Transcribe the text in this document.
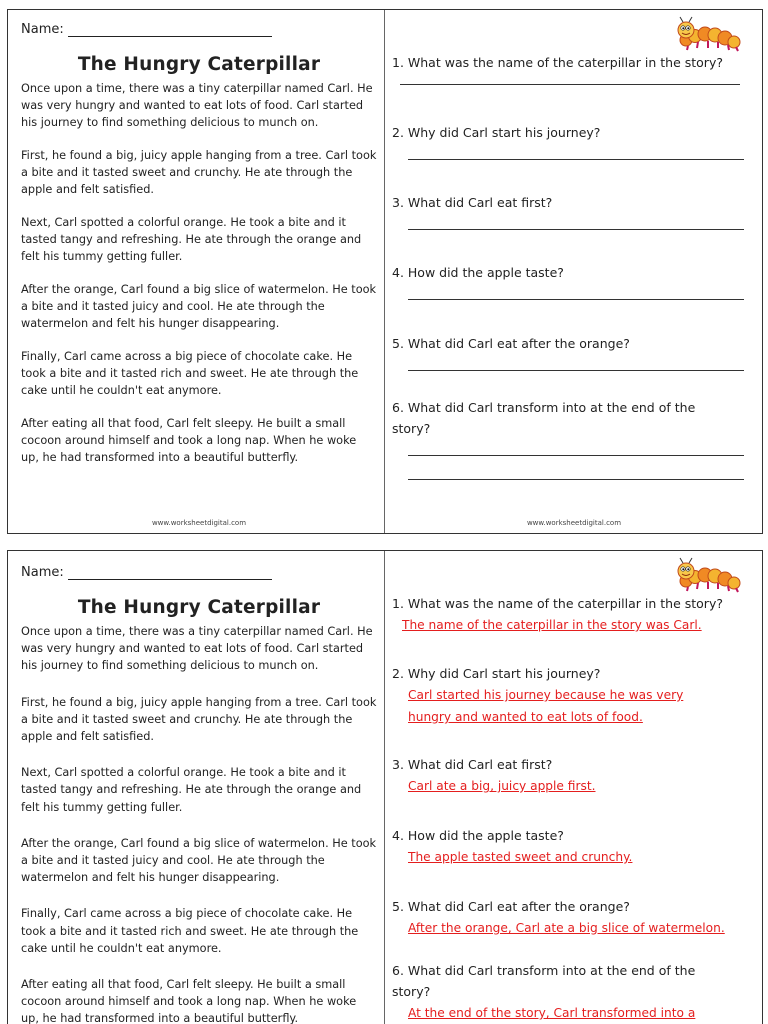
Name:
The Hungry Caterpillar

Once upon a time, there was a tiny caterpillar named Carl. He was very hungry and wanted to eat lots of food. Carl started his journey to find something delicious to munch on.

First, he found a big, juicy apple hanging from a tree. Carl took a bite and it tasted sweet and crunchy. He ate through the apple and felt satisfied.

Next, Carl spotted a colorful orange. He took a bite and it tasted tangy and refreshing. He ate through the orange and felt his tummy getting fuller.

After the orange, Carl found a big slice of watermelon. He took a bite and it tasted juicy and cool. He ate through the watermelon and felt his hunger disappearing.

Finally, Carl came across a big piece of chocolate cake. He took a bite and it tasted rich and sweet. He ate through the cake until he couldn't eat anymore.

After eating all that food, Carl felt sleepy. He built a small cocoon around himself and took a long nap. When he woke up, he had transformed into a beautiful butterfly.

1. What was the name of the caterpillar in the story?
2. Why did Carl start his journey?
3. What did Carl eat first?
4. How did the apple taste?
5. What did Carl eat after the orange?
6. What did Carl transform into at the end of the story?
www.worksheetdigital.com	www.worksheetdigital.com
Name:
The Hungry Caterpillar

Once upon a time, there was a tiny caterpillar named Carl. He was very hungry and wanted to eat lots of food. Carl started his journey to find something delicious to munch on.

First, he found a big, juicy apple hanging from a tree. Carl took a bite and it tasted sweet and crunchy. He ate through the apple and felt satisfied.

Next, Carl spotted a colorful orange. He took a bite and it tasted tangy and refreshing. He ate through the orange and felt his tummy getting fuller.

After the orange, Carl found a big slice of watermelon. He took a bite and it tasted juicy and cool. He ate through the watermelon and felt his hunger disappearing.

Finally, Carl came across a big piece of chocolate cake. He took a bite and it tasted rich and sweet. He ate through the cake until he couldn't eat anymore.

After eating all that food, Carl felt sleepy. He built a small cocoon around himself and took a long nap. When he woke up, he had transformed into a beautiful butterfly.

1. What was the name of the caterpillar in the story?
The name of the caterpillar in the story was Carl.
2. Why did Carl start his journey?
Carl started his journey because he was very
hungry and wanted to eat lots of food.
3. What did Carl eat first?
Carl ate a big, juicy apple first.
4. How did the apple taste?
The apple tasted sweet and crunchy.
5. What did Carl eat after the orange?
After the orange, Carl ate a big slice of watermelon.
6. What did Carl transform into at the end of the story?
At the end of the story, Carl transformed into a
